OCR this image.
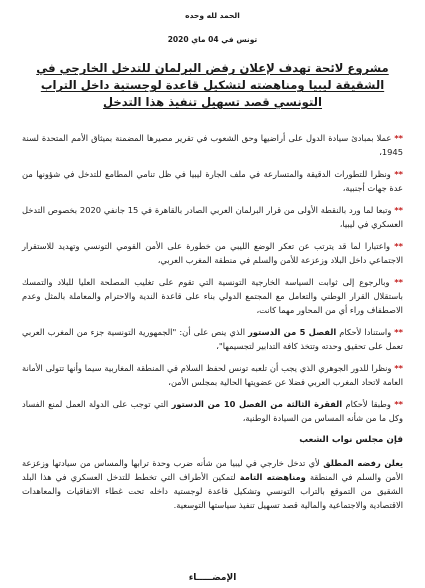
الحمد لله وحده
تونس في 04 ماي 2020
مشروع لائحة تهدف لإعلان رفض البرلمان للتدخل الخارجي في الشقيقة ليبيا ومناهضته لتشكيل قاعدة لوجستية داخل التراب التونسي قصد تسهيل تنفيذ هذا التدخل

** عملا بمبادئ سيادة الدول على أراضيها وحق الشعوب في تقرير مصيرها المضمنة بميثاق الأمم المتحدة لسنة 1945،

** ونظرا للتطورات الدقيقة والمتسارعة في ملف الجارة ليبيا في ظل تنامي المطامع للتدخل في شؤونها من عدة جهات أجنبية،

** وتبعا لما ورد بالنقطة الأولى من قرار البرلمان العربي الصادر بالقاهرة في 15 جانفي 2020 بخصوص التدخل العسكري في ليبيا،

** واعتبارا لما قد يترتب عن تعكر الوضع الليبي من خطورة على الأمن القومي التونسي وتهديد للاستقرار الاجتماعي داخل البلاد وزعزعة للأمن والسلم في منطقة المغرب العربي،

** وبالرجوع إلى ثوابت السياسة الخارجية التونسية التي تقوم على تغليب المصلحة العليا للبلاد والتمسك باستقلال القرار الوطني والتعامل مع المجتمع الدولي بناء على قاعدة الندية والاحترام والمعاملة بالمثل وعدم الاصطفاف وراء أي من المحاور مهما كانت،

** واستنادا لأحكام الفصل 5 من الدستور الذي ينص على أن: "الجمهورية التونسية جزء من المغرب العربي تعمل على تحقيق وحدته وتتخذ كافة التدابير لتجسيمها"،

** ونظرا للدور الجوهري الذي يجب أن تلعبه تونس لحفظ السلام في المنطقة المغاربية سيما وأنها تتولى الأمانة العامة لاتحاد المغرب العربي فضلا عن عضويتها الحالية بمجلس الأمن،

** وطبقا لأحكام الفقرة الثالثة من الفصل 10 من الدستور التي توجب على الدولة العمل لمنع الفساد وكل ما من شأنه المساس من السيادة الوطنية،

فإن مجلس نواب الشعب

يعلن رفضه المطلق لأي تدخل خارجي في ليبيا من شأنه ضرب وحدة ترابها والمساس من سيادتها وزعزعة الأمن والسلم في المنطقة ومناهضته التامة لتمكين الأطراف التي تخطط للتدخل العسكري في هذا البلد الشقيق من التموقع بالتراب التونسي وتشكيل قاعدة لوجستية داخله تحت غطاء الاتفاقيات والمعاهدات الاقتصادية والاجتماعية والمالية قصد تسهيل تنفيذ سياستها التوسعية.

الإمضـــــاء
